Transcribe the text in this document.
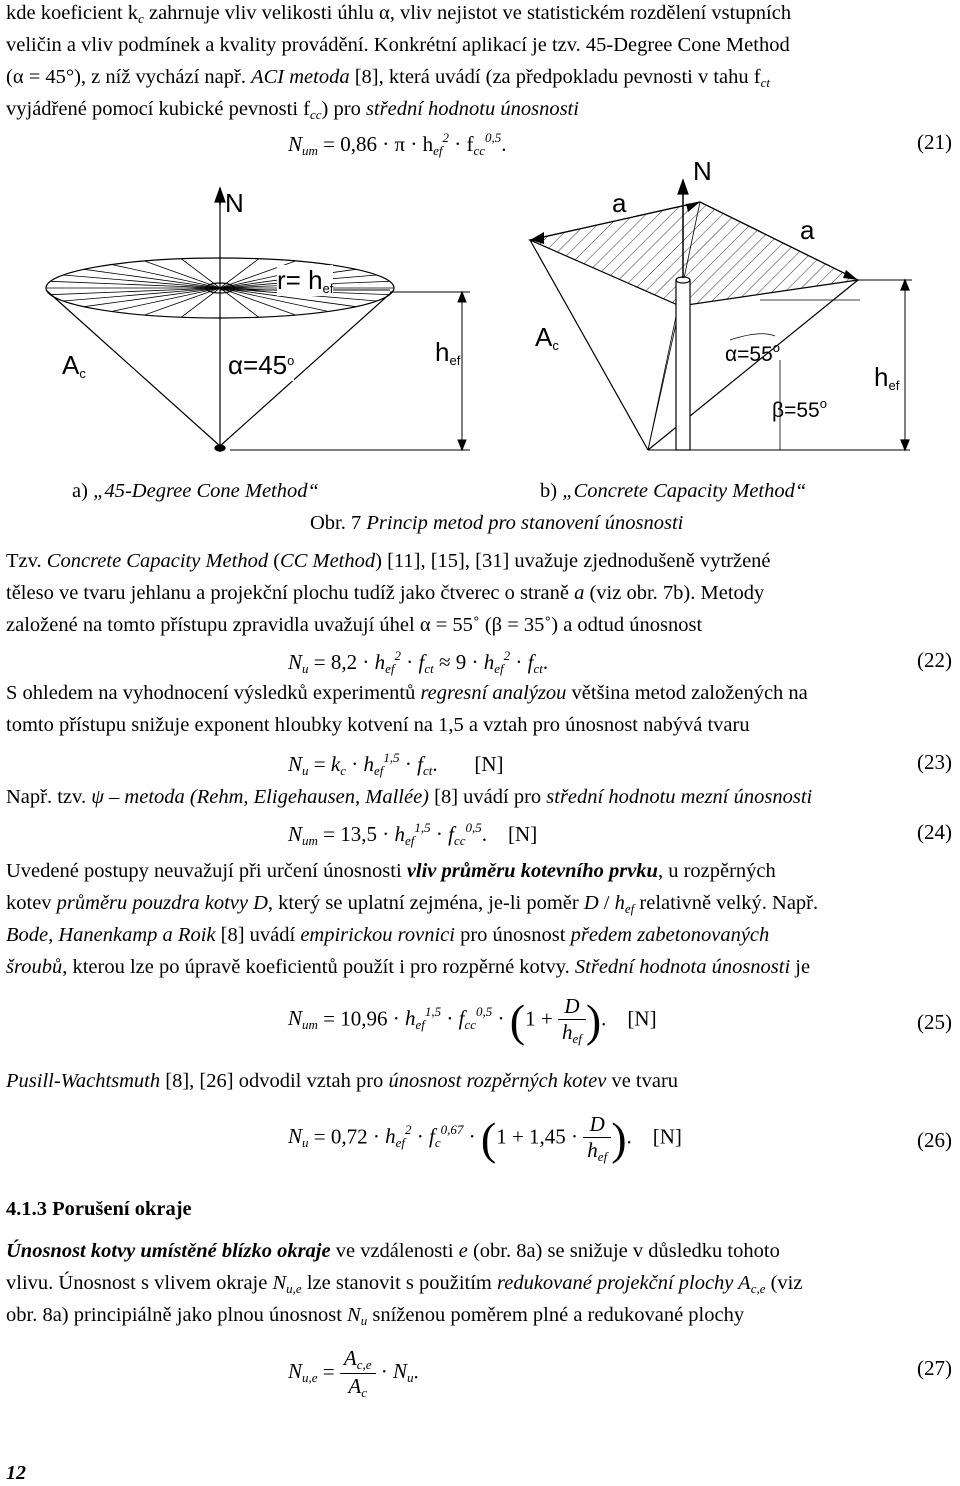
kde koeficient $k_c$ zahrnuje vliv velikosti úhlu α, vliv nejistot ve statistickém rozdělení vstupních
veličin a vliv podmínek a kvality provádění. Konkrétní aplikací je tzv. 45-Degree Cone Method
(α = 45°), z níž vychází např. ACI metoda [8], která uvádí (za předpokladu pevnosti v tahu $f_{ct}$
vyjádřené pomocí kubické pevnosti $f_{cc}$) pro střední hodnotu únosnosti
$N_{um} = 0,86 \cdot \pi \cdot h_{ef}^2 \cdot f_{cc}^{0,5}$.	(21)
N
$r= h_{ef}$
$A_c$	$\alpha=45^o$	$h_{ef}$
N
a
a
$A_c$	$\alpha=55^o$
$\beta=55^o$
$h_{ef}$
a) „45-Degree Cone Method“	b) „Concrete Capacity Method“
Obr. 7 Princip metod pro stanovení únosnosti
Tzv. Concrete Capacity Method (CC Method) [11], [15], [31] uvažuje zjednodušeně vytržené
těleso ve tvaru jehlanu a projekční plochu tudíž jako čtverec o straně a (viz obr. 7b). Metody
založené na tomto přístupu zpravidla uvažují úhel α = 55˚ (β = 35˚) a odtud únosnost
$N_u = 8,2 \cdot h_{ef}^2 \cdot f_{ct} \approx 9 \cdot h_{ef}^2 \cdot f_{ct}$.	(22)
S ohledem na vyhodnocení výsledků experimentů regresní analýzou většina metod založených na
tomto přístupu snižuje exponent hloubky kotvení na 1,5 a vztah pro únosnost nabývá tvaru
$N_u = k_c \cdot h_{ef}^{1,5} \cdot f_{ct}$.       [N]	(23)
Např. tzv. ψ – metoda (Rehm, Eligehausen, Mallée) [8] uvádí pro střední hodnotu mezní únosnosti
$N_{um} = 13,5 \cdot h_{ef}^{1,5} \cdot f_{cc}^{0,5}$.    [N]	(24)
Uvedené postupy neuvažují při určení únosnosti vliv průměru kotevního prvku, u rozpěrných
kotev průměru pouzdra kotvy D, který se uplatní zejména, je-li poměr D / $h_{ef}$ relativně velký. Např.
Bode, Hanenkamp a Roik [8] uvádí empirickou rovnici pro únosnost předem zabetonovaných
šroubů, kterou lze po úpravě koeficientů použít i pro rozpěrné kotvy. Střední hodnota únosnosti je
$N_{um} = 10,96 \cdot h_{ef}^{1,5} \cdot f_{cc}^{0,5} \cdot (1 + \frac{D}{h_{ef}}$ ).    [N]	(25)
Pusill-Wachtsmuth [8], [26] odvodil vztah pro únosnost rozpěrných kotev ve tvaru
$N_u = 0,72 \cdot h_{ef}^2 \cdot f_c^{0,67} \cdot (1 + 1,45 \cdot \frac{D}{h_{ef}}$ ).    [N]	(26)
4.1.3 Porušení okraje
Únosnost kotvy umístěné blízko okraje ve vzdálenosti e (obr. 8a) se snižuje v důsledku tohoto
vlivu. Únosnost s vlivem okraje $N_{u,e}$ lze stanovit s použitím redukované projekční plochy $A_{c,e}$ (viz
obr. 8a) principiálně jako plnou únosnost $N_u$ sníženou poměrem plné a redukované plochy
$N_{u,e} = \frac{A_{c,e}}{A_c} \cdot N_u$.	(27)
12
